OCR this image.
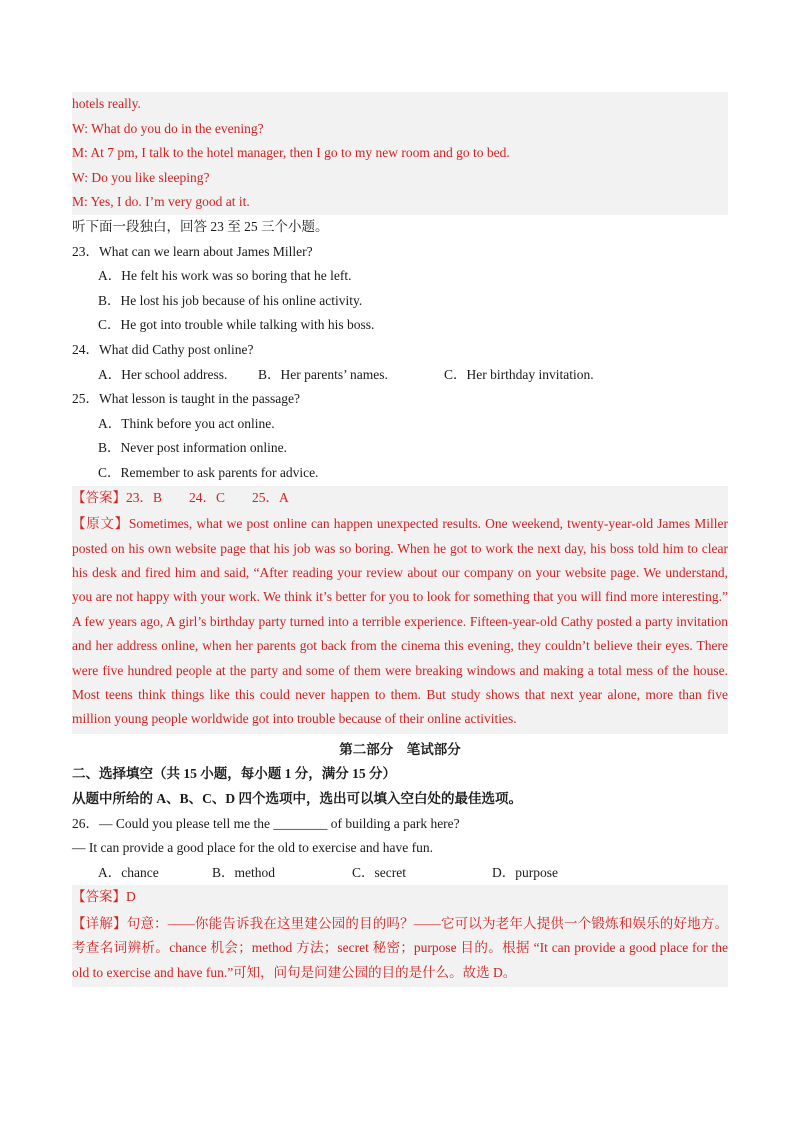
hotels really.
W: What do you do in the evening?
M: At 7 pm, I talk to the hotel manager, then I go to my new room and go to bed.
W: Do you like sleeping?
M: Yes, I do. I’m very good at it.
听下面一段独白，回答 23 至 25 三个小题。
23．What can we learn about James Miller?
A．He felt his work was so boring that he left.
B．He lost his job because of his online activity.
C．He got into trouble while talking with his boss.
24．What did Cathy post online?
A．Her school address.	B．Her parents’ names.	C．Her birthday invitation.
25．What lesson is taught in the passage?
A．Think before you act online.
B．Never post information online.
C．Remember to ask parents for advice.
【答案】23．B　　24．C　　25．A

【原文】Sometimes, what we post online can happen unexpected results. One weekend, twenty-year-old James Miller posted on his own website page that his job was so boring. When he got to work the next day, his boss told him to clear his desk and fired him and said, “After reading your review about our company on your website page. We understand, you are not happy with your work. We think it’s better for you to look for something that you will find more interesting.” A few years ago, A girl’s birthday party turned into a terrible experience. Fifteen-year-old Cathy posted a party invitation and her address online, when her parents got back from the cinema this evening, they couldn’t believe their eyes. There were five hundred people at the party and some of them were breaking windows and making a total mess of the house. Most teens think things like this could never happen to them. But study shows that next year alone, more than five million young people worldwide got into trouble because of their online activities.

第二部分　笔试部分
二、选择填空（共 15 小题，每小题 1 分，满分 15 分）
从题中所给的 A、B、C、D 四个选项中，选出可以填入空白处的最佳选项。
26．— Could you please tell me the ________ of building a park here?
— It can provide a good place for the old to exercise and have fun.
A．chance	B．method	C．secret	D．purpose
【答案】D

【详解】句意：——你能告诉我在这里建公园的目的吗？——它可以为老年人提供一个锻炼和娱乐的好地方。考查名词辨析。chance 机会；method 方法；secret 秘密；purpose 目的。根据 “It can provide a good place for the old to exercise and have fun.”可知，问句是问建公园的目的是什么。故选 D。
